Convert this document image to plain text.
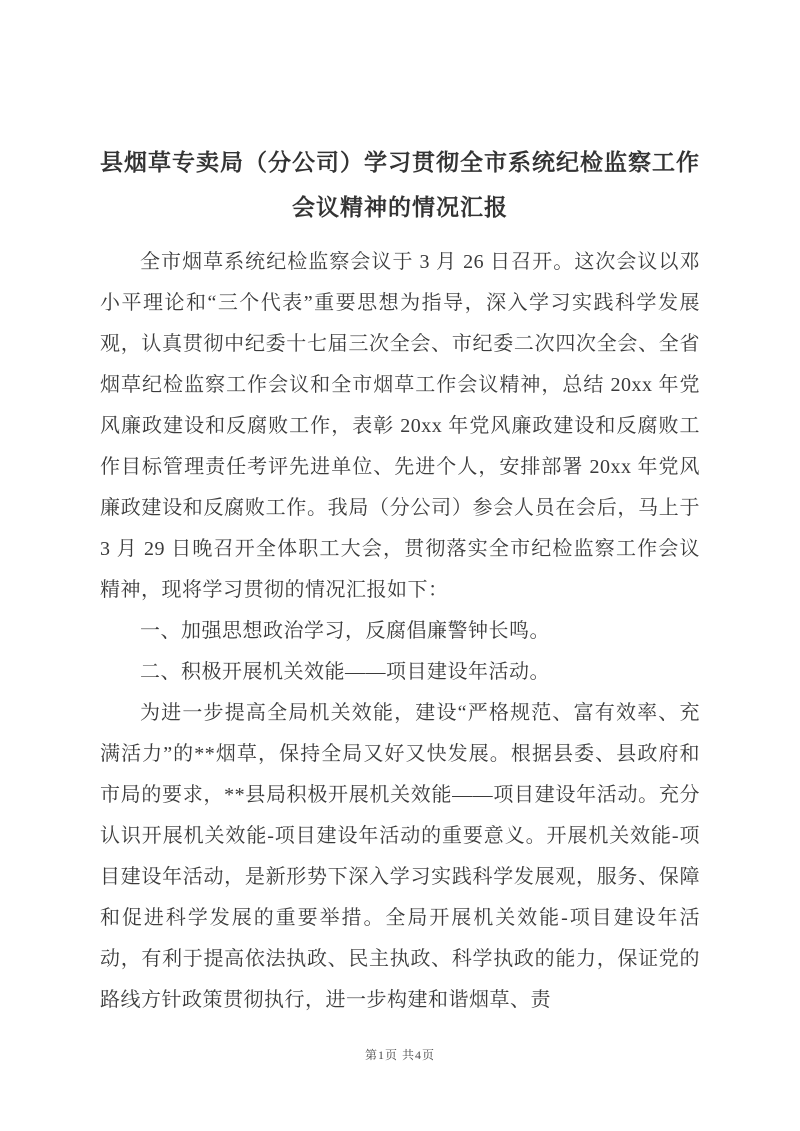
县烟草专卖局（分公司）学习贯彻全市系统纪检监察工作会议精神的情况汇报

全市烟草系统纪检监察会议于 3 月 26 日召开。这次会议以邓小平理论和“三个代表”重要思想为指导，深入学习实践科学发展观，认真贯彻中纪委十七届三次全会、市纪委二次四次全会、全省烟草纪检监察工作会议和全市烟草工作会议精神，总结 20xx 年党风廉政建设和反腐败工作，表彰 20xx 年党风廉政建设和反腐败工作目标管理责任考评先进单位、先进个人，安排部署 20xx 年党风廉政建设和反腐败工作。我局（分公司）参会人员在会后，马上于 3 月 29 日晚召开全体职工大会，贯彻落实全市纪检监察工作会议精神，现将学习贯彻的情况汇报如下：

一、加强思想政治学习，反腐倡廉警钟长鸣。

二、积极开展机关效能——项目建设年活动。

为进一步提高全局机关效能，建设“严格规范、富有效率、充满活力”的**烟草，保持全局又好又快发展。根据县委、县政府和市局的要求，**县局积极开展机关效能——项目建设年活动。充分认识开展机关效能-项目建设年活动的重要意义。开展机关效能-项目建设年活动，是新形势下深入学习实践科学发展观，服务、保障和促进科学发展的重要举措。全局开展机关效能-项目建设年活动，有利于提高依法执政、民主执政、科学执政的能力，保证党的路线方针政策贯彻执行，进一步构建和谐烟草、责

第1页 共4页
